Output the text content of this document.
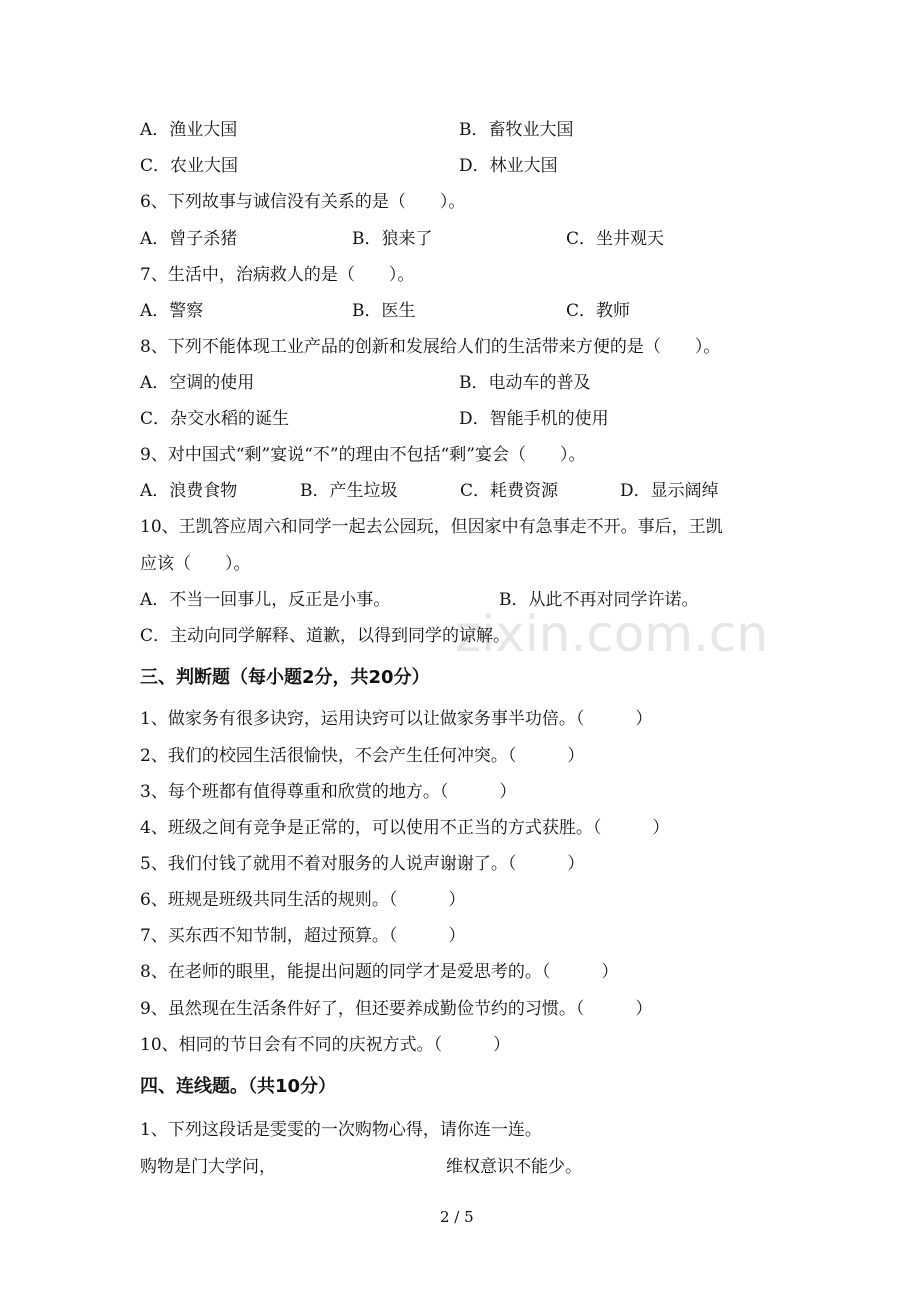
zixin.com.cn
A．渔业大国	B．畜牧业大国
C．农业大国	D．林业大国
6、下列故事与诚信没有关系的是（　　）。
A．曾子杀猪	B．狼来了	C．坐井观天
7、生活中，治病救人的是（　　）。
A．警察	B．医生	C．教师
8、下列不能体现工业产品的创新和发展给人们的生活带来方便的是（　　）。
A．空调的使用	B．电动车的普及
C．杂交水稻的诞生	D．智能手机的使用
9、对中国式“剩”宴说“不”的理由不包括“剩”宴会（　　）。
A．浪费食物	B．产生垃圾	C．耗费资源	D．显示阔绰
10、王凯答应周六和同学一起去公园玩，但因家中有急事走不开。事后，王凯
应该（　　）。
A．不当一回事儿，反正是小事。	B．从此不再对同学许诺。
C．主动向同学解释、道歉，以得到同学的谅解。
三、判断题（每小题2分，共20分）
1、做家务有很多诀窍，运用诀窍可以让做家务事半功倍。（　　　）
2、我们的校园生活很愉快，不会产生任何冲突。（　　　）
3、每个班都有值得尊重和欣赏的地方。（　　　）
4、班级之间有竞争是正常的，可以使用不正当的方式获胜。（　　　）
5、我们付钱了就用不着对服务的人说声谢谢了。（　　　）
6、班规是班级共同生活的规则。（　　　）
7、买东西不知节制，超过预算。（　　　）
8、在老师的眼里，能提出问题的同学才是爱思考的。（　　　）
9、虽然现在生活条件好了，但还要养成勤俭节约的习惯。（　　　）
10、相同的节日会有不同的庆祝方式。（　　　）
四、连线题。（共10分）
1、下列这段话是雯雯的一次购物心得，请你连一连。
购物是门大学问，	维权意识不能少。
2 / 5
